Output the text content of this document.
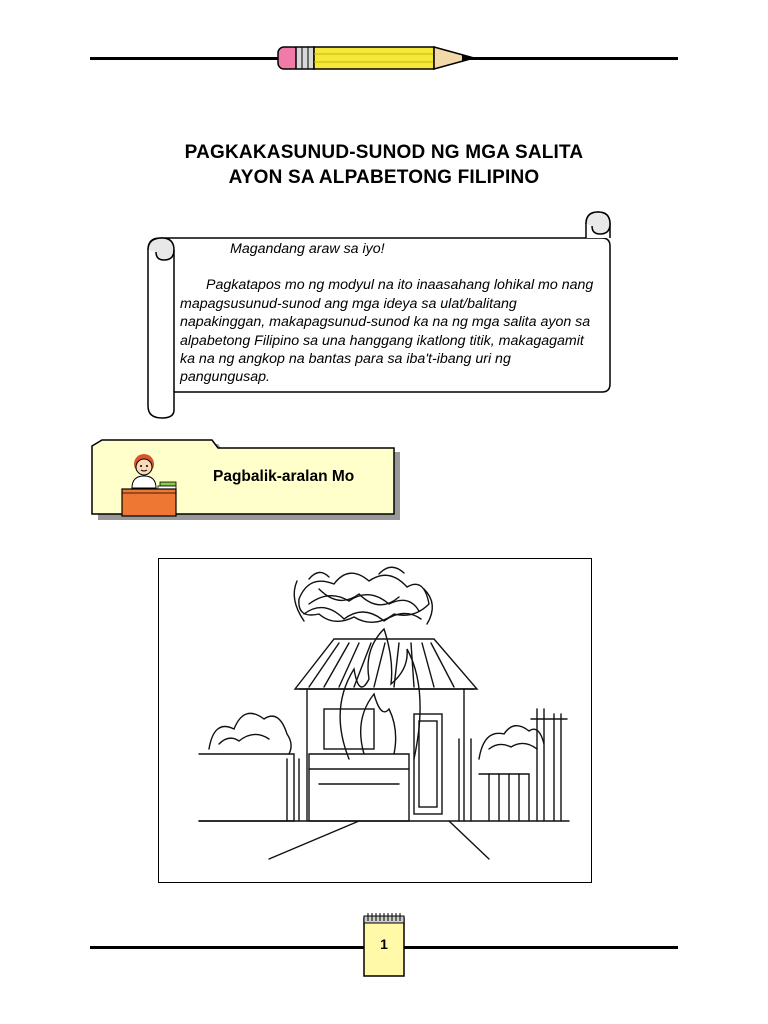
PAGKAKASUNUD-SUNOD NG MGA SALITA
AYON SA ALPABETONG FILIPINO

Magandang araw sa iyo!

Pagkatapos mo ng modyul na ito inaasahang lohikal mo nang mapagsusunud-sunod ang mga ideya sa ulat/balitang napakinggan, makapagsunud-sunod ka na ng mga salita ayon sa alpabetong Filipino sa una hanggang ikatlong titik, makagagamit ka na ng angkop na bantas para sa iba't-ibang uri ng pangungusap.

Pagbalik-aralan Mo
1
